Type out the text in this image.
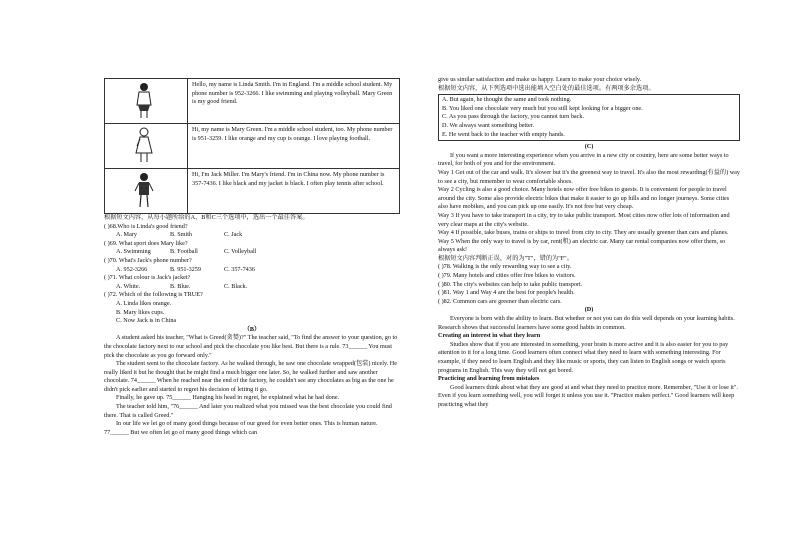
	Hello, my name is Linda Smith. I'm in England. I'm a middle school student. My phone number is 952-3266. I like swimming and playing volleyball. Mary Green is my good friend.

	Hi, my name is Mary Green. I'm a middle school student, too. My phone number is 951-3259. I like orange and my cup is orange. I love playing football.

	Hi, I'm Jack Miller. I'm Mary's friend. I'm in China now. My phone number is 357-7436. I like black and my jacket is black. I often play tennis after school.

根据短文内容，从每小题所给的A、B和C三个选项中，选出一个最佳答案。

( )68.Who is Linda's good friend?

A. Mary	B. Smith	C. Jack

( )69. What sport does Mary like?

A. Swimming	B. Football	C. Volleyball

( )70. What's Jack's phone number?

A. 952-3266	B. 951-3259	C. 357-7436

( )71. What colour is Jack's jacket?

A. White.	B. Blue.	C. Black.

( )72. Which of the following is TRUE?

A. Linda likes orange.

B. Mary likes cups.

C. Now Jack is in China

（B）

A student asked his teacher, "What is Greed(贪婪)?" The teacher said, "To find the answer to your question, go to the chocolate factory next to our school and pick the chocolate you like best. But there is a rule. 73______ You must pick the chocolate as you go forward only."

The student went to the chocolate factory. As he walked through, he saw one chocolate wrapped(包装) nicely. He really liked it but he thought that he might find a much bigger one later. So, he walked further and saw another chocolate. 74______ When he reached near the end of the factory, he couldn't see any chocolates as big as the one he didn't pick earlier and started to regret his decision of letting it go.

Finally, he gave up. 75______ Hanging his head in regret, he explained what he had done.

The teacher told him, "76______ And later you realized what you missed was the best chocolate you could find there. That is called Greed."

In our life we let go of many good things because of our greed for even better ones. This is human nature. 77______ But we often let go of many good things which can

give us similar satisfaction and make us happy. Learn to make your choice wisely.

根据短文内容，从下列选项中选出能填入空白处的最佳选项。有两项多余选项。

A. But again, he thought the same and took nothing.

B. You liked one chocolate very much but you still kept looking for a bigger one.

C. As you pass through the factory, you cannot turn back.

D. We always want something better.

E. He went back to the teacher with empty hands.

(C)

If you want a more interesting experience when you arrive in a new city or country, here are some better ways to travel, for both of you and for the environment.

Way 1 Get out of the car and walk. It's slower but it's the greenest way to travel. It's also the most rewarding(有益的) way to see a city, but remember to wear comfortable shoes.

Way 2 Cycling is also a good choice. Many hotels now offer free bikes to guests. It is convenient for people to travel around the city. Some also provide electric bikes that make it easier to go up hills and no longer journeys. Some cities also have mobikes, and you can pick up one easily. It's not free but very cheap.

Way 3 If you have to take transport in a city, try to take public transport. Most cities now offer lots of information and very clear maps at the city's website.

Way 4 If possible, take buses, trains or ships to travel from city to city. They are usually greener than cars and planes.

Way 5 When the only way to travel is by car, rent(租) an electric car. Many car rental companies now offer them, so always ask!

根据短文内容判断正误，对的为"T"，错的为"F"。

( )78. Walking is the only rewarding way to see a city.

( )79. Many hotels and cities offer free bikes to visitors.

( )80. The city's websites can help to take public transport.

( )81. Way 1 and Way 4 are the best for people's health.

( )82. Common cars are greener than electric cars.

(D)

Everyone is born with the ability to learn. But whether or not you can do this well depends on your learning habits. Research shows that successful learners have some good habits in common.

Creating an interest in what they learn

Studies show that if you are interested in something, your brain is more active and it is also easier for you to pay attention to it for a long time. Good learners often connect what they need to learn with something interesting. For example, if they need to learn English and they like music or sports, they can listen to English songs or watch sports programs in English. This way they will not get bored.

Practicing and learning from mistakes

Good learners think about what they are good at and what they need to practice more. Remember, "Use it or lose it". Even if you learn something well, you will forget it unless you use it. "Practice makes perfect." Good learners will keep practicing what they
